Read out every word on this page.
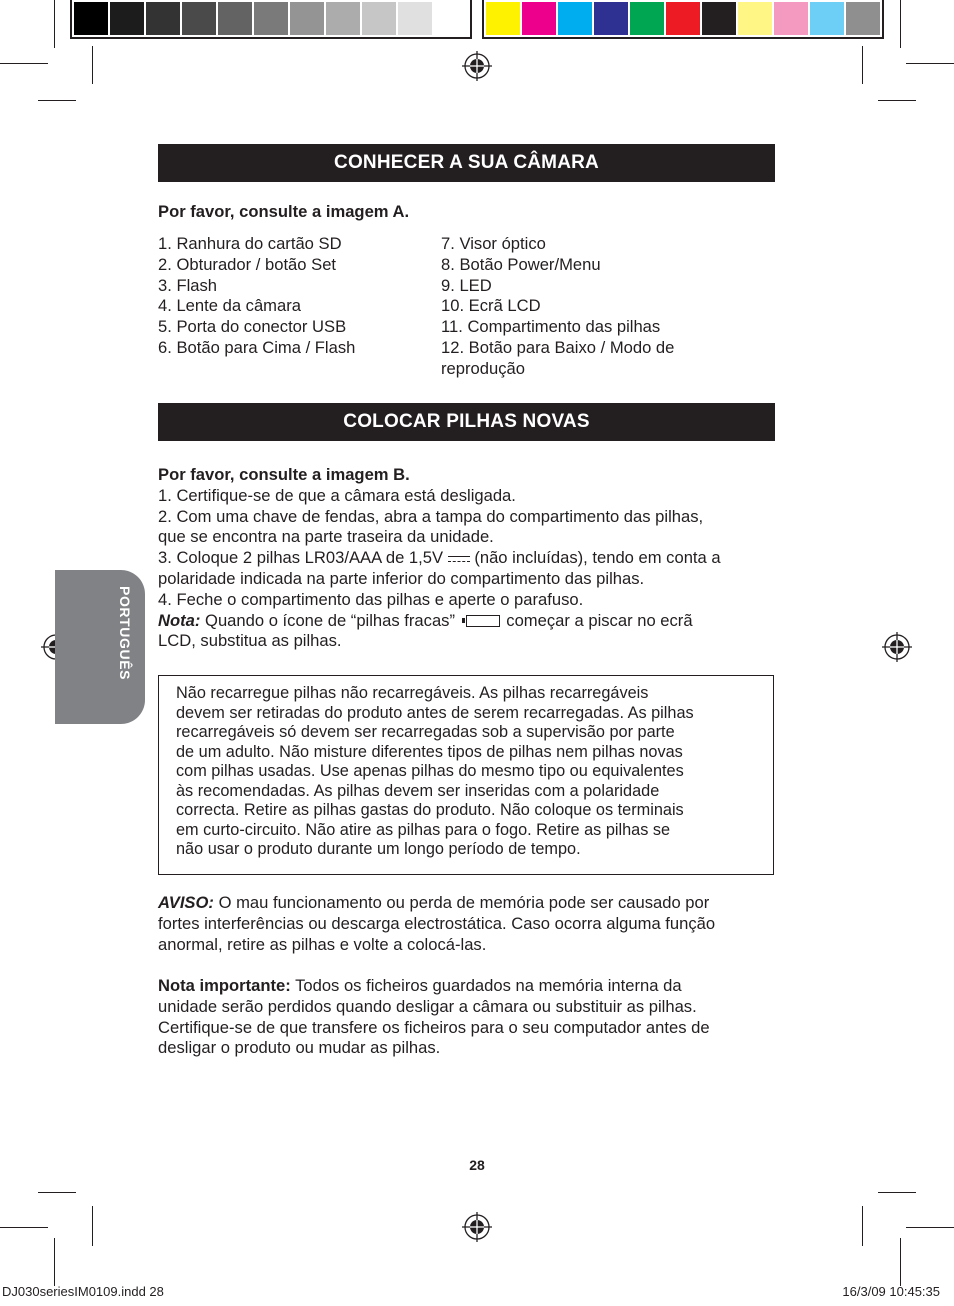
CONHECER A SUA CÂMARA
Por favor, consulte a imagem A.
1. Ranhura do cartão SD
2. Obturador / botão Set
3. Flash
4. Lente da câmara
5. Porta do conector USB
6. Botão para Cima / Flash
7. Visor óptico
8. Botão Power/Menu
9. LED
10. Ecrã LCD
11. Compartimento das pilhas
12. Botão para Baixo / Modo de
reprodução
COLOCAR PILHAS NOVAS
Por favor, consulte a imagem B.
1. Certifique-se de que a câmara está desligada.
2. Com uma chave de fendas, abra a tampa do compartimento das pilhas,
que se encontra na parte traseira da unidade.
3. Coloque 2 pilhas LR03/AAA de 1,5V (não incluídas), tendo em conta a
polaridade indicada na parte inferior do compartimento das pilhas.
4. Feche o compartimento das pilhas e aperte o parafuso.
Nota: Quando o ícone de “pilhas fracas”	começar a piscar no ecrã
LCD, substitua as pilhas.
Não recarregue pilhas não recarregáveis. As pilhas recarregáveis
devem ser retiradas do produto antes de serem recarregadas. As pilhas
recarregáveis só devem ser recarregadas sob a supervisão por parte
de um adulto. Não misture diferentes tipos de pilhas nem pilhas novas
com pilhas usadas. Use apenas pilhas do mesmo tipo ou equivalentes
às recomendadas. As pilhas devem ser inseridas com a polaridade
correcta. Retire as pilhas gastas do produto. Não coloque os terminais
em curto-circuito. Não atire as pilhas para o fogo. Retire as pilhas se
não usar o produto durante um longo período de tempo.
AVISO: O mau funcionamento ou perda de memória pode ser causado por
fortes interferências ou descarga electrostática. Caso ocorra alguma função
anormal, retire as pilhas e volte a colocá-las.
Nota importante: Todos os ficheiros guardados na memória interna da
unidade serão perdidos quando desligar a câmara ou substituir as pilhas.
Certifique-se de que transfere os ficheiros para o seu computador antes de
desligar o produto ou mudar as pilhas.
PORTUGUÊS
28
DJ030seriesIM0109.indd 28	16/3/09 10:45:35
